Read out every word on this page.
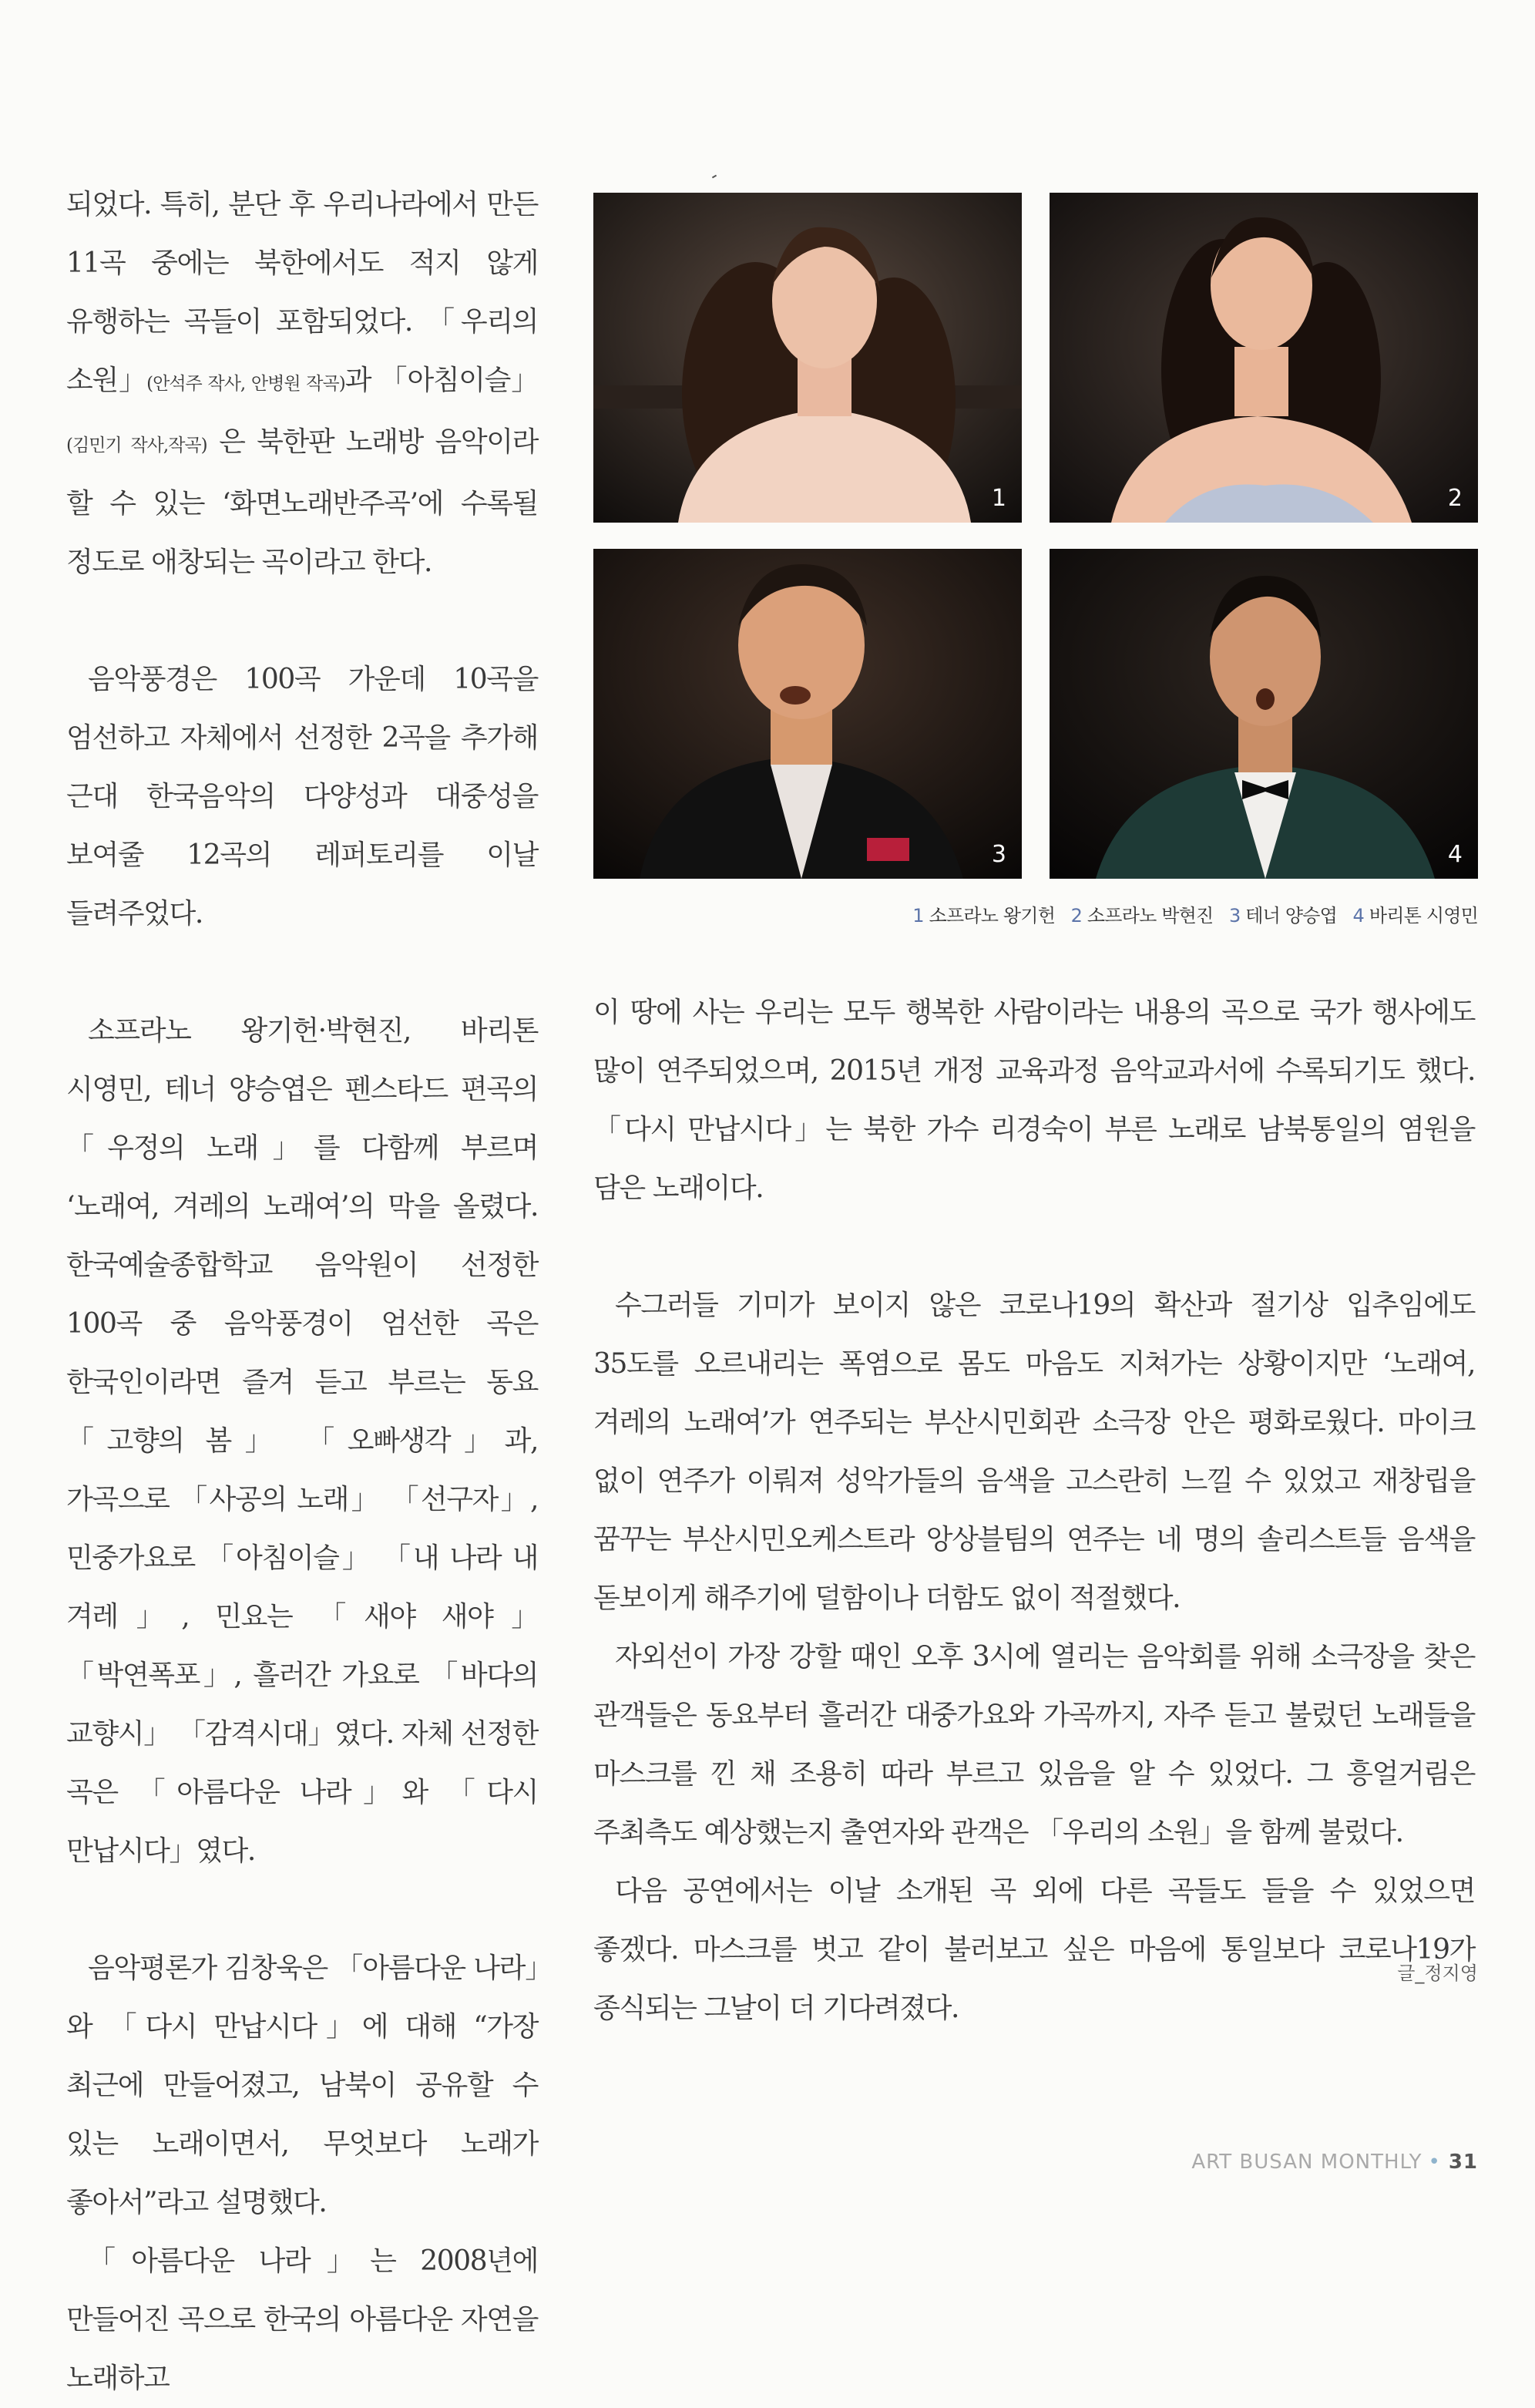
되었다. 특히, 분단 후 우리나라에서 만든 11곡 중에는 북한에서도 적지 않게 유행하는 곡들이 포함되었다. 「우리의 소원」(안석주 작사, 안병원 작곡)과 「아침이슬」(김민기 작사,작곡) 은 북한판 노래방 음악이라 할 수 있는 ‘화면노래반주곡’에 수록될 정도로 애창되는 곡이라고 한다.

음악풍경은 100곡 가운데 10곡을 엄선하고 자체에서 선정한 2곡을 추가해 근대 한국음악의 다양성과 대중성을 보여줄 12곡의 레퍼토리를 이날 들려주었다.

소프라노 왕기헌·박현진, 바리톤 시영민, 테너 양승엽은 펜스타드 편곡의 「우정의 노래」를 다함께 부르며 ‘노래여, 겨레의 노래여’의 막을 올렸다. 한국예술종합학교 음악원이 선정한 100곡 중 음악풍경이 엄선한 곡은 한국인이라면 즐겨 듣고 부르는 동요 「고향의 봄」 「오빠생각」과, 가곡으로 「사공의 노래」 「선구자」, 민중가요로 「아침이슬」 「내 나라 내 겨레」, 민요는 「새야 새야」 「박연폭포」, 흘러간 가요로 「바다의 교향시」 「감격시대」였다. 자체 선정한 곡은 「아름다운 나라」와 「다시 만납시다」였다.

음악평론가 김창욱은 「아름다운 나라」와 「다시 만납시다」에 대해 “가장 최근에 만들어졌고, 남북이 공유할 수 있는 노래이면서, 무엇보다 노래가 좋아서”라고 설명했다.

「아름다운 나라」는 2008년에 만들어진 곡으로 한국의 아름다운 자연을 노래하고

1	2
3	4
1 소프라노 왕기헌 2 소프라노 박현진 3 테너 양승엽 4 바리톤 시영민

이 땅에 사는 우리는 모두 행복한 사람이라는 내용의 곡으로 국가 행사에도 많이 연주되었으며, 2015년 개정 교육과정 음악교과서에 수록되기도 했다. 「다시 만납시다」는 북한 가수 리경숙이 부른 노래로 남북통일의 염원을 담은 노래이다.

수그러들 기미가 보이지 않은 코로나19의 확산과 절기상 입추임에도 35도를 오르내리는 폭염으로 몸도 마음도 지쳐가는 상황이지만 ‘노래여, 겨레의 노래여’가 연주되는 부산시민회관 소극장 안은 평화로웠다. 마이크 없이 연주가 이뤄져 성악가들의 음색을 고스란히 느낄 수 있었고 재창립을 꿈꾸는 부산시민오케스트라 앙상블팀의 연주는 네 명의 솔리스트들 음색을 돋보이게 해주기에 덜함이나 더함도 없이 적절했다.

자외선이 가장 강할 때인 오후 3시에 열리는 음악회를 위해 소극장을 찾은 관객들은 동요부터 흘러간 대중가요와 가곡까지, 자주 듣고 불렀던 노래들을 마스크를 낀 채 조용히 따라 부르고 있음을 알 수 있었다. 그 흥얼거림은 주최측도 예상했는지 출연자와 관객은 「우리의 소원」을 함께 불렀다.

다음 공연에서는 이날 소개된 곡 외에 다른 곡들도 들을 수 있었으면 좋겠다. 마스크를 벗고 같이 불러보고 싶은 마음에 통일보다 코로나19가 종식되는 그날이 더 기다려졌다.

글_정지영
ART BUSAN MONTHLY • 31
